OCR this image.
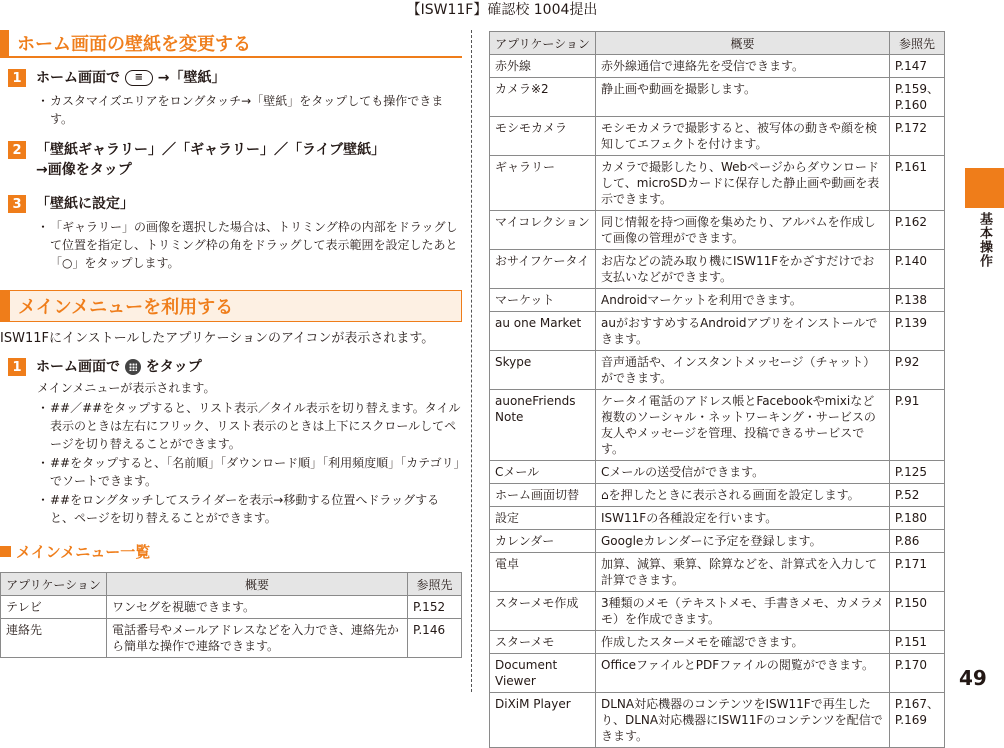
【ISW11F】確認校 1004提出
ホーム画面の壁紙を変更する
1	ホーム画面で ≡ →「壁紙」
・ カスタマイズエリアをロングタッチ→「壁紙」をタップしても操作できます。
2	「壁紙ギャラリー」／「ギャラリー」／「ライブ壁紙」
→画像をタップ
3	「壁紙に設定」
・ 「ギャラリー」の画像を選択した場合は、トリミング枠の内部をドラッグして位置を指定し、トリミング枠の角をドラッグして表示範囲を設定したあと「○」をタップします。
メインメニューを利用する
ISW11Fにインストールしたアプリケーションのアイコンが表示されます。
1	ホーム画面で をタップ
メインメニューが表示されます。
・ ##／##をタップすると、リスト表示／タイル表示を切り替えます。タイル表示のときは左右にフリック、リスト表示のときは上下にスクロールしてページを切り替えることができます。
・ ##をタップすると、「名前順」「ダウンロード順」「利用頻度順」「カテゴリ」でソートできます。
・ ##をロングタッチしてスライダーを表示→移動する位置へドラッグすると、ページを切り替えることができます。
メインメニュー一覧
アプリケーション	概要	参照先
テレビ	ワンセグを視聴できます。	P.152
連絡先	電話番号やメールアドレスなどを入力でき、連絡先から簡単な操作で連絡できます。	P.146
アプリケーション	概要	参照先
赤外線	赤外線通信で連絡先を受信できます。	P.147
カメラ※2	静止画や動画を撮影します。	P.159、P.160
モシモカメラ	モシモカメラで撮影すると、被写体の動きや顔を検知してエフェクトを付けます。	P.172
ギャラリー	カメラで撮影したり、Webページからダウンロードして、microSDカードに保存した静止画や動画を表示できます。	P.161
マイコレクション	同じ情報を持つ画像を集めたり、アルバムを作成して画像の管理ができます。	P.162
おサイフケータイ	お店などの読み取り機にISW11Fをかざすだけでお支払いなどができます。	P.140
マーケット	Androidマーケットを利用できます。	P.138
au one Market	auがおすすめするAndroidアプリをインストールできます。	P.139
Skype	音声通話や、インスタントメッセージ（チャット）ができます。	P.92
auoneFriends Note	ケータイ電話のアドレス帳とFacebookやmixiなど複数のソーシャル・ネットワーキング・サービスの友人やメッセージを管理、投稿できるサービスです。	P.91
Cメール	Cメールの送受信ができます。	P.125
ホーム画面切替	⌂を押したときに表示される画面を設定します。	P.52
設定	ISW11Fの各種設定を行います。	P.180
カレンダー	Googleカレンダーに予定を登録します。	P.86
電卓	加算、減算、乗算、除算などを、計算式を入力して計算できます。	P.171
スターメモ作成	3種類のメモ（テキストメモ、手書きメモ、カメラメモ）を作成できます。	P.150
スターメモ	作成したスターメモを確認できます。	P.151
Document Viewer	OfficeファイルとPDFファイルの閲覧ができます。	P.170
DiXiM Player	DLNA対応機器のコンテンツをISW11Fで再生したり、DLNA対応機器にISW11Fのコンテンツを配信できます。	P.167、P.169
基本操作
49
